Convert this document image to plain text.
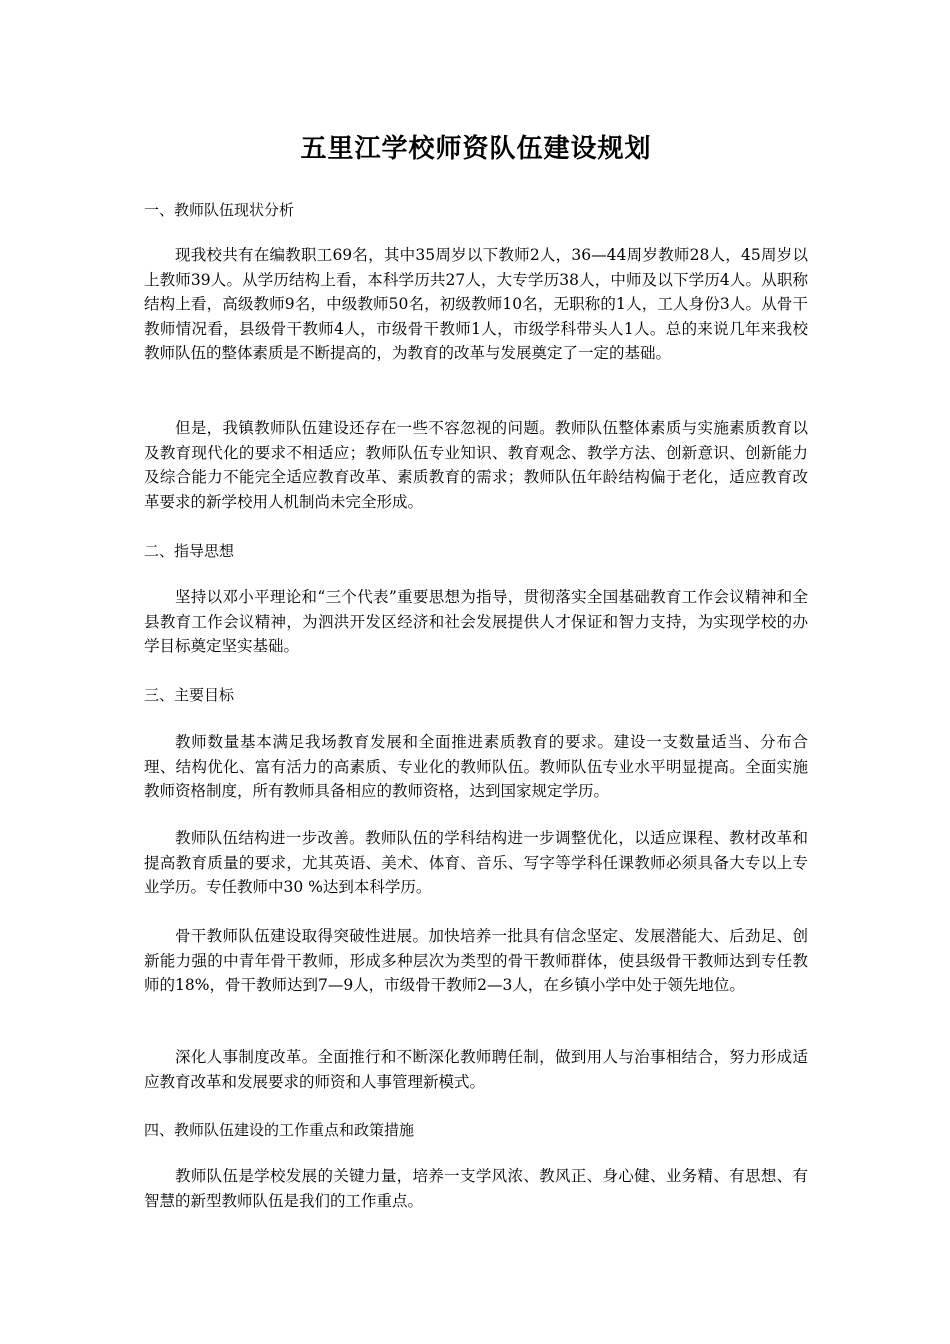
五里江学校师资队伍建设规划
一、教师队伍现状分析

现我校共有在编教职工69名，其中35周岁以下教师2人，36—44周岁教师28人，45周岁以上教师39人。从学历结构上看，本科学历共27人，大专学历38人，中师及以下学历4人。从职称结构上看，高级教师9名，中级教师50名，初级教师10名，无职称的1人，工人身份3人。从骨干教师情况看，县级骨干教师4人，市级骨干教师1人，市级学科带头人1人。总的来说几年来我校教师队伍的整体素质是不断提高的，为教育的改革与发展奠定了一定的基础。

但是，我镇教师队伍建设还存在一些不容忽视的问题。教师队伍整体素质与实施素质教育以及教育现代化的要求不相适应；教师队伍专业知识、教育观念、教学方法、创新意识、创新能力及综合能力不能完全适应教育改革、素质教育的需求；教师队伍年龄结构偏于老化，适应教育改革要求的新学校用人机制尚未完全形成。

二、指导思想

坚持以邓小平理论和“三个代表”重要思想为指导，贯彻落实全国基础教育工作会议精神和全县教育工作会议精神，为泗洪开发区经济和社会发展提供人才保证和智力支持，为实现学校的办学目标奠定坚实基础。

三、主要目标

教师数量基本满足我场教育发展和全面推进素质教育的要求。建设一支数量适当、分布合理、结构优化、富有活力的高素质、专业化的教师队伍。教师队伍专业水平明显提高。全面实施教师资格制度，所有教师具备相应的教师资格，达到国家规定学历。

教师队伍结构进一步改善。教师队伍的学科结构进一步调整优化，以适应课程、教材改革和提高教育质量的要求，尤其英语、美术、体育、音乐、写字等学科任课教师必须具备大专以上专业学历。专任教师中30 %达到本科学历。

骨干教师队伍建设取得突破性进展。加快培养一批具有信念坚定、发展潜能大、后劲足、创新能力强的中青年骨干教师，形成多种层次为类型的骨干教师群体，使县级骨干教师达到专任教师的18%，骨干教师达到7—9人，市级骨干教师2—3人，在乡镇小学中处于领先地位。

深化人事制度改革。全面推行和不断深化教师聘任制，做到用人与治事相结合，努力形成适应教育改革和发展要求的师资和人事管理新模式。

四、教师队伍建设的工作重点和政策措施

教师队伍是学校发展的关键力量，培养一支学风浓、教风正、身心健、业务精、有思想、有智慧的新型教师队伍是我们的工作重点。
